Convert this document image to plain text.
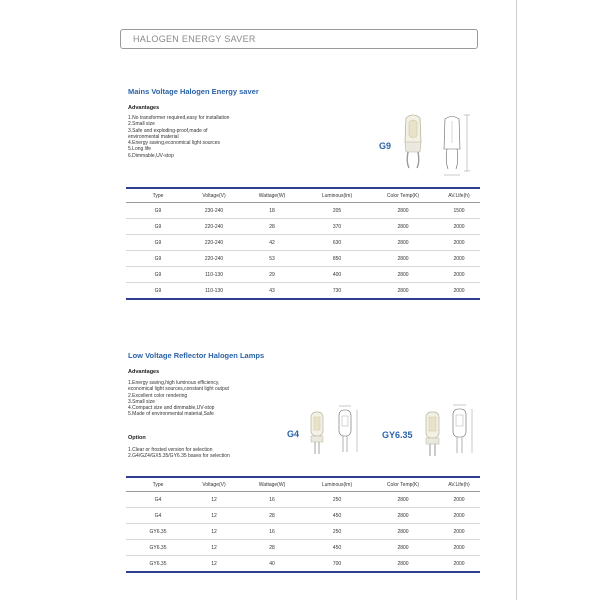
HALOGEN ENERGY SAVER
Mains Voltage Halogen Energy saver
Advantages
1.No transformer required,easy for installation
2.Small size
3.Safe and exploding-proof,made of
environmental material
4.Energy saving,economical light sources
5.Long life
6.Dimmable,UV-stop
G9
Type	Voltage(V)	Wattage(W)	Luminous(lm)	Color Temp(K)	AV.Life(h)
G9	230-240	18	205	2800	1500
G9	220-240	28	370	2800	2000
G9	220-240	42	630	2800	2000
G9	220-240	53	850	2800	2000
G9	110-130	29	400	2800	2000
G9	110-130	43	730	2800	2000
Low Voltage Reflector Halogen Lamps
Advantages
1.Energy saving,high luminous efficiency,
economical light sources,constant light output
2.Excellent color rendering
3.Small size
4.Compact size and dimmable,UV-stop
5.Made of environmental material,Safe
Option
1.Clear or frosted version for selection
2.G4/GZ4/GX5.35/GY6.35 bases for selection
G4	GY6.35
Type	Voltage(V)	Wattage(W)	Luminous(lm)	Color Temp(K)	AV.Life(h)
G4	12	16	250	2800	2000
G4	12	28	450	2800	2000
GY6.35	12	16	250	2800	2000
GY6.35	12	28	450	2800	2000
GY6.35	12	40	700	2800	2000
